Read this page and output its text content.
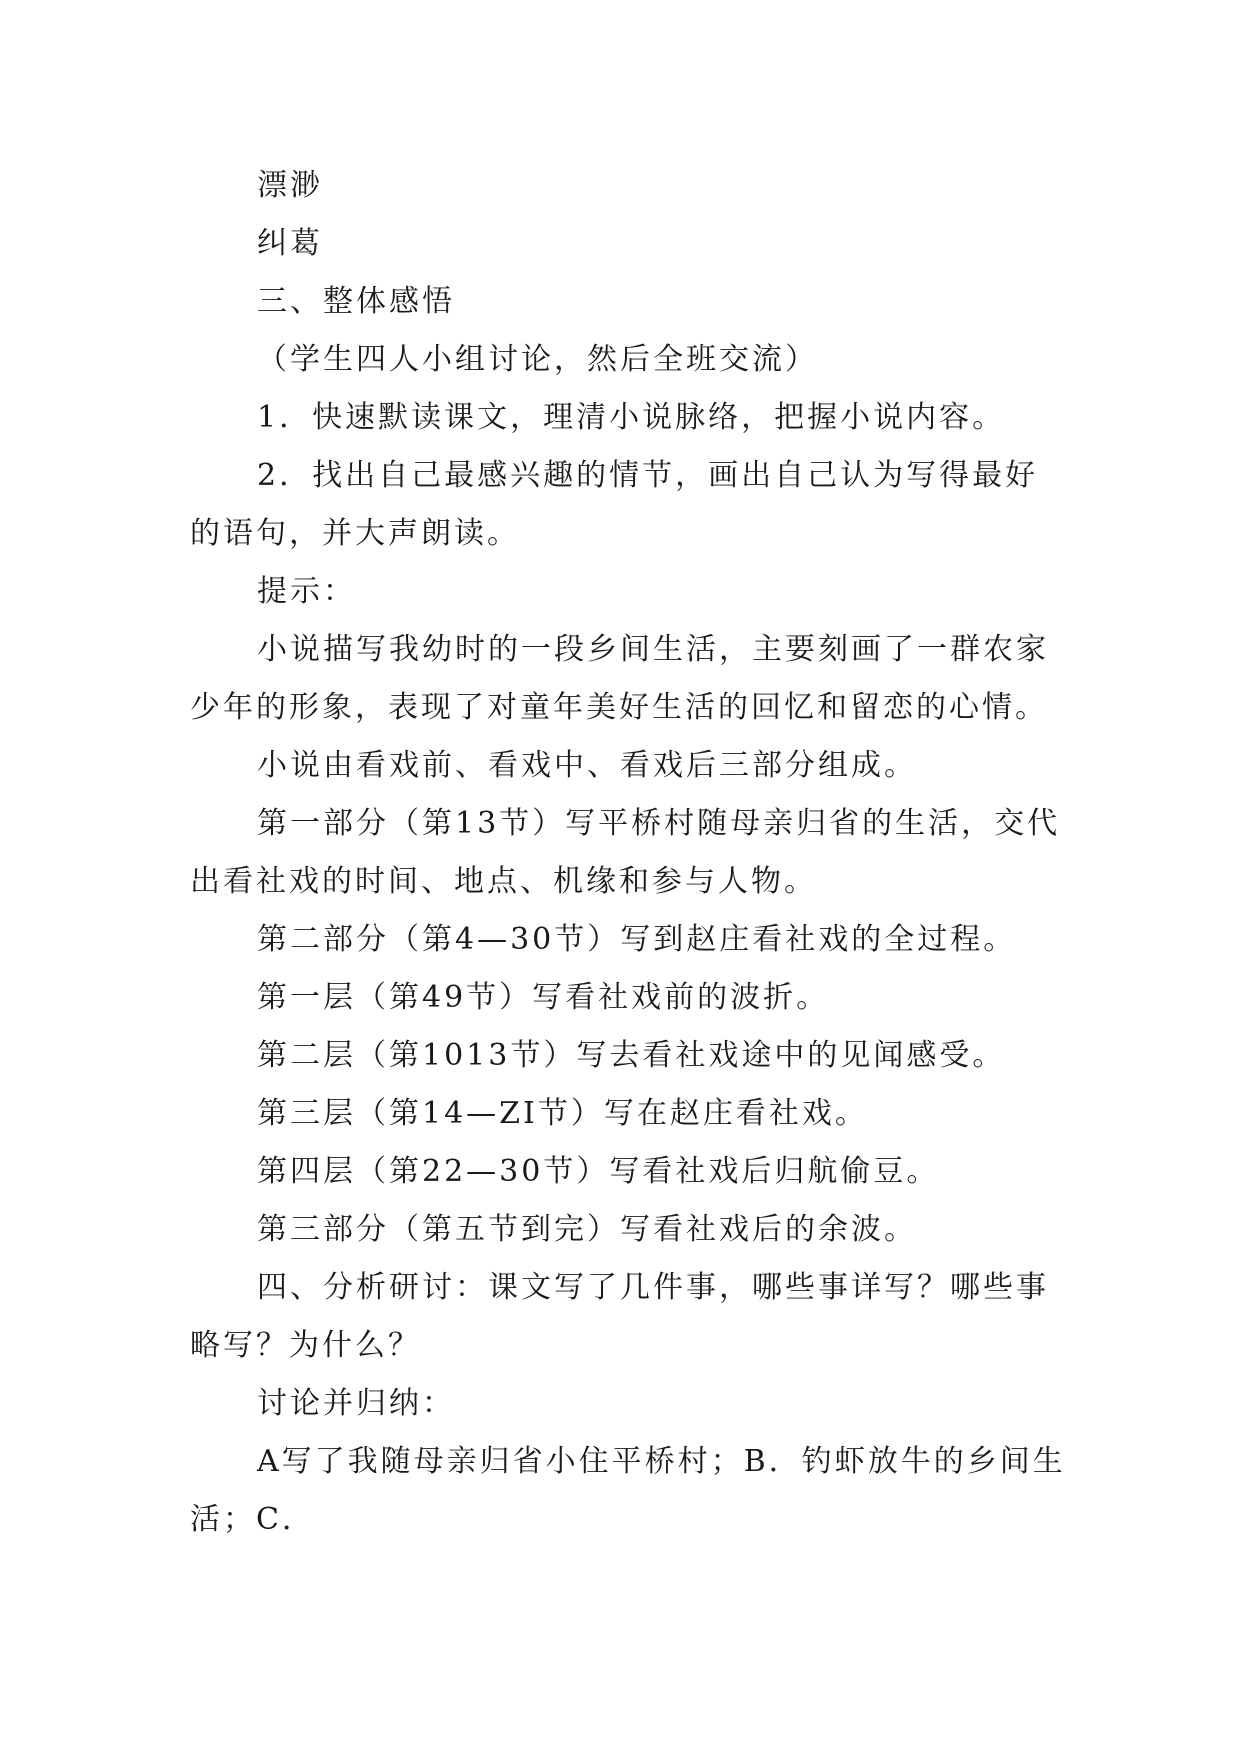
漂渺

纠葛

三、整体感悟

（学生四人小组讨论，然后全班交流）

1．快速默读课文，理清小说脉络，把握小说内容。

2．找出自己最感兴趣的情节，画出自己认为写得最好的语句，并大声朗读。

提示：

小说描写我幼时的一段乡间生活，主要刻画了一群农家少年的形象，表现了对童年美好生活的回忆和留恋的心情。

小说由看戏前、看戏中、看戏后三部分组成。

第一部分（第13节）写平桥村随母亲归省的生活，交代出看社戏的时间、地点、机缘和参与人物。

第二部分（第4—30节）写到赵庄看社戏的全过程。

第一层（第49节）写看社戏前的波折。

第二层（第1013节）写去看社戏途中的见闻感受。

第三层（第14—ZI节）写在赵庄看社戏。

第四层（第22—30节）写看社戏后归航偷豆。

第三部分（第五节到完）写看社戏后的余波。

四、分析研讨：课文写了几件事，哪些事详写？哪些事略写？为什么？

讨论并归纳：

A写了我随母亲归省小住平桥村；B．钓虾放牛的乡间生活；C．
